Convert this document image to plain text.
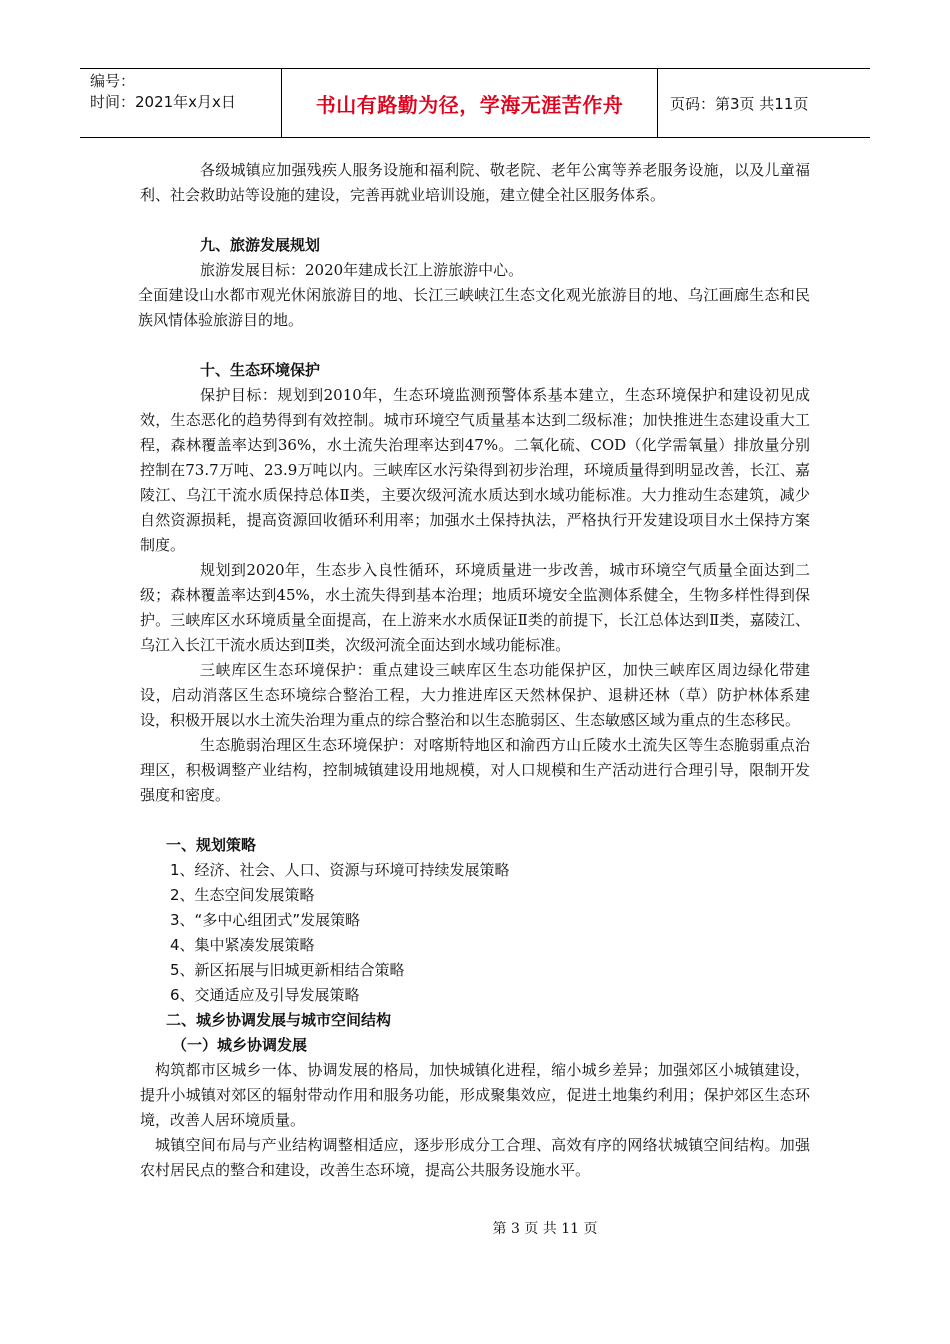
编号：
时间：2021年x月x日	书山有路勤为径，学海无涯苦作舟	页码：第3页 共11页

各级城镇应加强残疾人服务设施和福利院、敬老院、老年公寓等养老服务设施，以及儿童福利、社会救助站等设施的建设，完善再就业培训设施，建立健全社区服务体系。

九、旅游发展规划

旅游发展目标：2020年建成长江上游旅游中心。

全面建设山水都市观光休闲旅游目的地、长江三峡峡江生态文化观光旅游目的地、乌江画廊生态和民族风情体验旅游目的地。

十、生态环境保护

保护目标：规划到2010年，生态环境监测预警体系基本建立，生态环境保护和建设初见成效，生态恶化的趋势得到有效控制。城市环境空气质量基本达到二级标准；加快推进生态建设重大工程，森林覆盖率达到36%，水土流失治理率达到47%。二氧化硫、COD（化学需氧量）排放量分别控制在73.7万吨、23.9万吨以内。三峡库区水污染得到初步治理，环境质量得到明显改善，长江、嘉陵江、乌江干流水质保持总体Ⅱ类，主要次级河流水质达到水域功能标准。大力推动生态建筑，减少自然资源损耗，提高资源回收循环利用率；加强水土保持执法，严格执行开发建设项目水土保持方案制度。

规划到2020年，生态步入良性循环，环境质量进一步改善，城市环境空气质量全面达到二级；森林覆盖率达到45%，水土流失得到基本治理；地质环境安全监测体系健全，生物多样性得到保护。三峡库区水环境质量全面提高，在上游来水水质保证Ⅱ类的前提下，长江总体达到Ⅱ类，嘉陵江、乌江入长江干流水质达到Ⅱ类，次级河流全面达到水域功能标准。

三峡库区生态环境保护：重点建设三峡库区生态功能保护区，加快三峡库区周边绿化带建设，启动消落区生态环境综合整治工程，大力推进库区天然林保护、退耕还林（草）防护林体系建设，积极开展以水土流失治理为重点的综合整治和以生态脆弱区、生态敏感区域为重点的生态移民。

生态脆弱治理区生态环境保护：对喀斯特地区和渝西方山丘陵水土流失区等生态脆弱重点治理区，积极调整产业结构，控制城镇建设用地规模，对人口规模和生产活动进行合理引导，限制开发强度和密度。

一、规划策略

1、经济、社会、人口、资源与环境可持续发展策略
2、生态空间发展策略
3、“多中心组团式”发展策略
4、集中紧凑发展策略
5、新区拓展与旧城更新相结合策略
6、交通适应及引导发展策略

二、城乡协调发展与城市空间结构

（一）城乡协调发展

构筑都市区城乡一体、协调发展的格局，加快城镇化进程，缩小城乡差异；加强郊区小城镇建设，提升小城镇对郊区的辐射带动作用和服务功能，形成聚集效应，促进土地集约利用；保护郊区生态环境，改善人居环境质量。

城镇空间布局与产业结构调整相适应，逐步形成分工合理、高效有序的网络状城镇空间结构。加强农村居民点的整合和建设，改善生态环境，提高公共服务设施水平。

第 3 页 共 11 页
